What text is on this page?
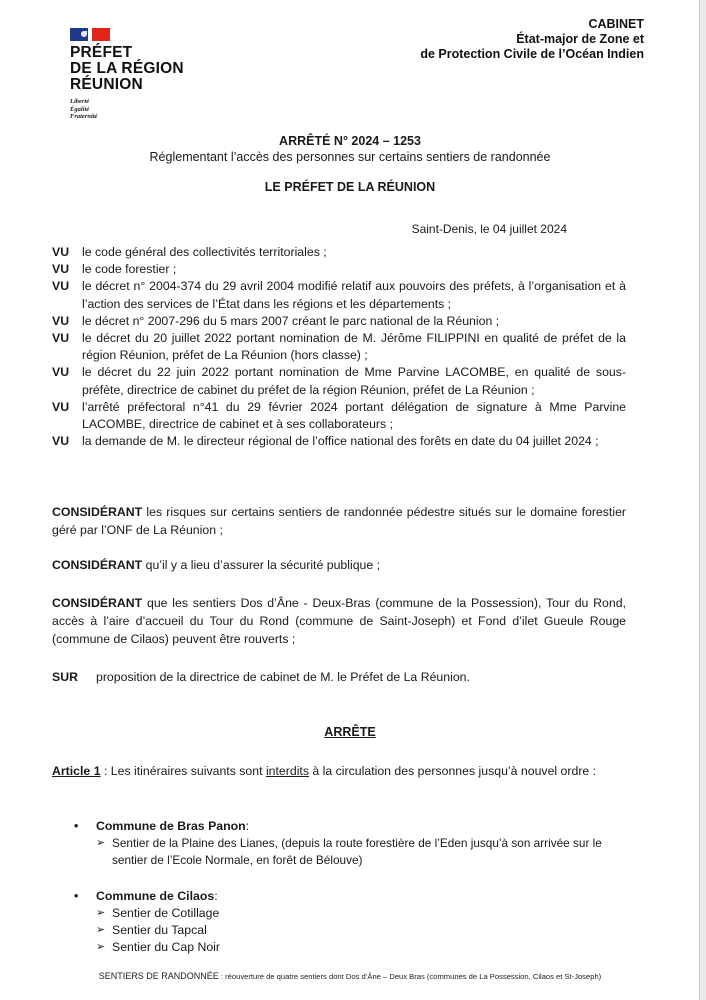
PRÉFET
DE LA RÉGION
RÉUNION
Liberté
Égalité
Fraternité
CABINET
État-major de Zone et
de Protection Civile de l’Océan Indien
ARRÊTÉ N° 2024 – 1253
Réglementant l’accès des personnes sur certains sentiers de randonnée
LE PRÉFET DE LA RÉUNION
Saint-Denis, le 04 juillet 2024
VU	le code général des collectivités territoriales ;
VU	le code forestier ;
VU	le décret n° 2004-374 du 29 avril 2004 modifié relatif aux pouvoirs des préfets, à l’organisation et à l’action des services de l’État dans les régions et les départements ;
VU	le décret n° 2007-296 du 5 mars 2007 créant le parc national de la Réunion ;
VU	le décret du 20 juillet 2022 portant nomination de M. Jérôme FILIPPINI en qualité de préfet de la région Réunion, préfet de La Réunion (hors classe) ;
VU	le décret du 22 juin 2022 portant nomination de Mme Parvine LACOMBE, en qualité de sous-préfète, directrice de cabinet du préfet de la région Réunion, préfet de La Réunion ;
VU	l’arrêté préfectoral n°41 du 29 février 2024 portant délégation de signature à Mme Parvine LACOMBE, directrice de cabinet et à ses collaborateurs ;
VU	la demande de M. le directeur régional de l’office national des forêts en date du 04 juillet 2024 ;
CONSIDÉRANT les risques sur certains sentiers de randonnée pédestre situés sur le domaine forestier géré par l’ONF de La Réunion ;
CONSIDÉRANT qu’il y a lieu d’assurer la sécurité publique ;
CONSIDÉRANT que les sentiers Dos d’Âne - Deux-Bras (commune de la Possession), Tour du Rond, accès à l’aire d’accueil du Tour du Rond (commune de Saint-Joseph) et Fond d’ilet Gueule Rouge (commune de Cilaos) peuvent être rouverts ;
SUR	proposition de la directrice de cabinet de M. le Préfet de La Réunion.
ARRÊTE
Article 1 : Les itinéraires suivants sont interdits à la circulation des personnes jusqu’à nouvel ordre :
•	Commune de Bras Panon :
➢ Sentier de la Plaine des Lianes, (depuis la route forestière de l’Eden jusqu’à son arrivée sur le sentier de l’Ecole Normale, en forêt de Bélouve)
•	Commune de Cilaos :
➢ Sentier de Cotillage
➢ Sentier du Tapcal
➢ Sentier du Cap Noir
SENTIERS DE RANDONNÉE : réouverture de quatre sentiers dont Dos d’Âne – Deux Bras (communes de La Possession, Cilaos et St-Joseph)
